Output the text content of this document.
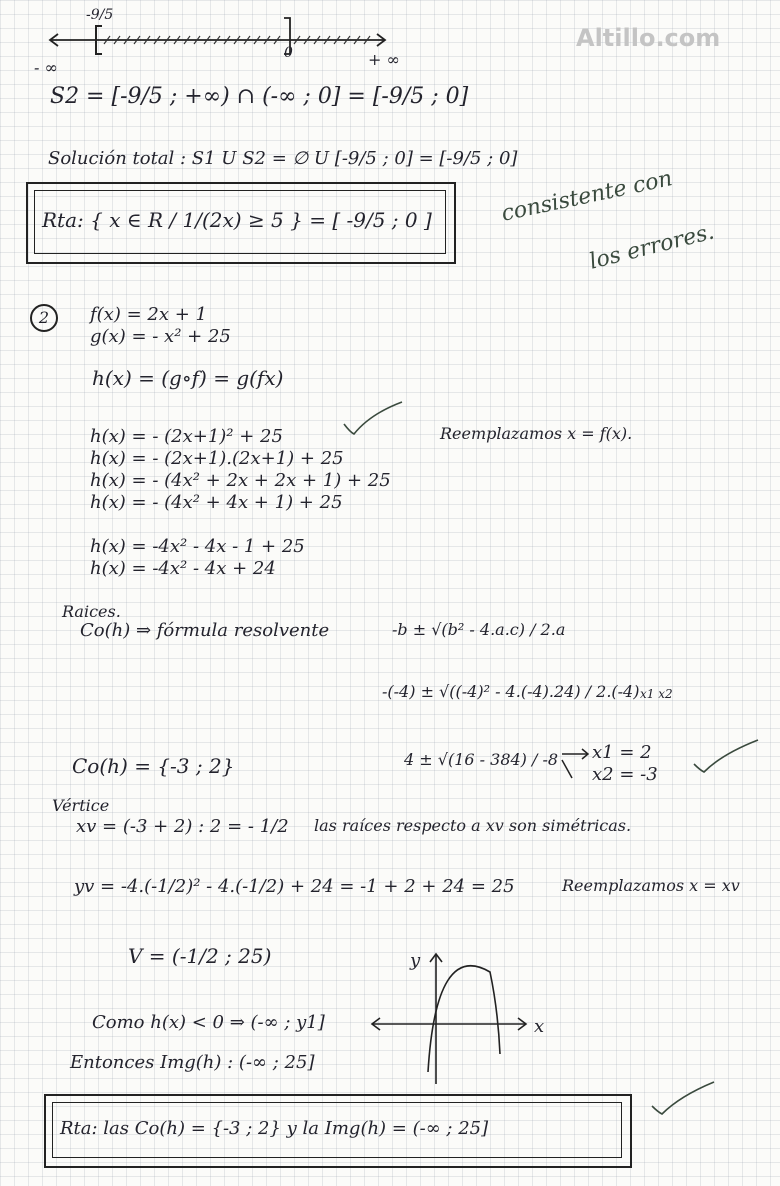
Altillo.com
-9/5
0
- ∞	+ ∞
S2 = [-9/5 ; +∞) ∩ (-∞ ; 0] = [-9/5 ; 0]
Solución total : S1 U S2 = ∅ U [-9/5 ; 0] = [-9/5 ; 0]
Rta: { x ∈ R / 1/(2x) ≥ 5 } = [ -9/5 ; 0 ]	consistente con
los errores.
2	f(x) = 2x + 1
g(x) = - x² + 25
h(x) = (g∘f) = g(fx)
h(x) = - (2x+1)² + 25	Reemplazamos x = f(x).
h(x) = - (2x+1).(2x+1) + 25
h(x) = - (4x² + 2x + 2x + 1) + 25
h(x) = - (4x² + 4x + 1) + 25
h(x) = -4x² - 4x - 1 + 25
h(x) = -4x² - 4x + 24
Raices.
Co(h) ⇒ fórmula resolvente	-b ± √(b² - 4.a.c) / 2.a
-(-4) ± √((-4)² - 4.(-4).24) / 2.(-4) x1 x2
4 ± √(16 - 384) / -8 x1 = 2
x2 = -3
Co(h) = {-3 ; 2}
Vértice
xv = (-3 + 2) : 2 = - 1/2 las raíces respecto a xv son simétricas.
yv = -4.(-1/2)² - 4.(-1/2) + 24 = -1 + 2 + 24 = 25	Reemplazamos x = xv
V = (-1/2 ; 25)	y
x
Como h(x) < 0 ⇒ (-∞ ; y1]
Entonces Img(h) : (-∞ ; 25]
Rta: las Co(h) = {-3 ; 2} y la Img(h) = (-∞ ; 25]
